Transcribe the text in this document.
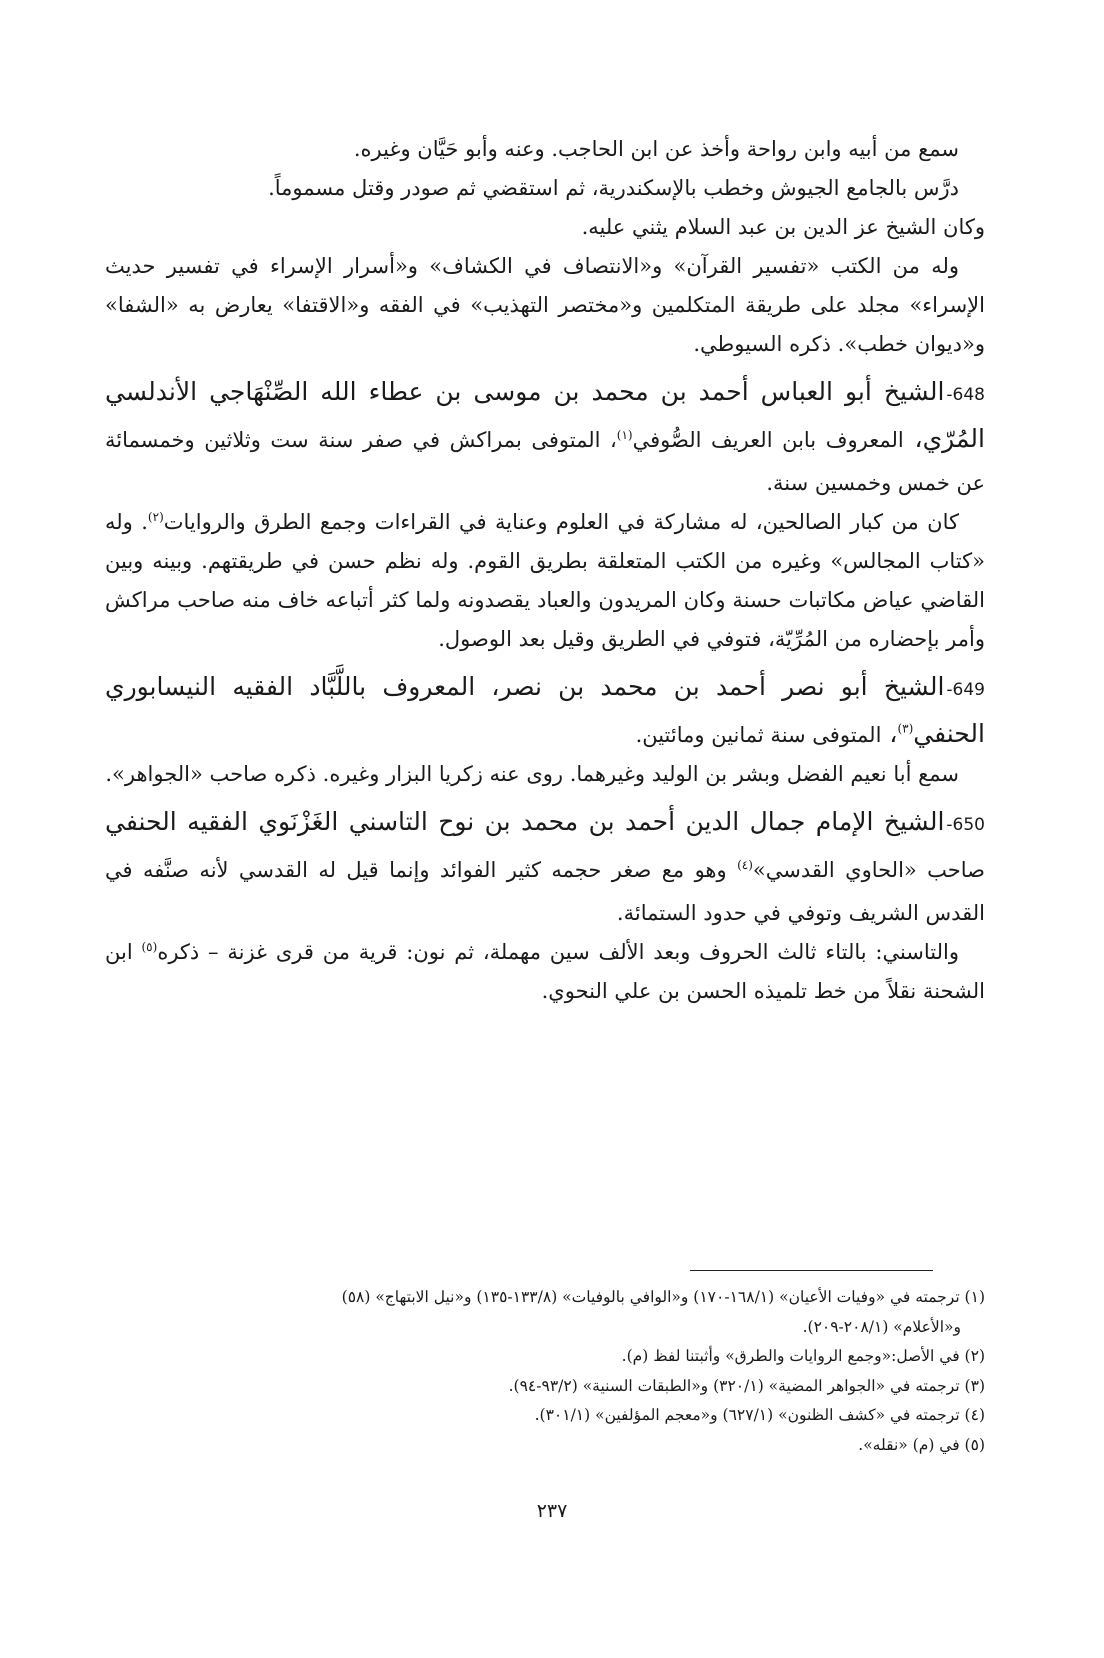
سمع من أبيه وابن رواحة وأخذ عن ابن الحاجب. وعنه وأبو حَيَّان وغيره.

درَّس بالجامع الجيوش وخطب بالإسكندرية، ثم استقضي ثم صودر وقتل مسموماً.

وكان الشيخ عز الدين بن عبد السلام يثني عليه.

وله من الكتب «تفسير القرآن» و«الانتصاف في الكشاف» و«أسرار الإسراء في تفسير حديث الإسراء» مجلد على طريقة المتكلمين و«مختصر التهذيب» في الفقه و«الاقتفا» يعارض به «الشفا» و«ديوان خطب». ذكره السيوطي.

648-الشيخ أبو العباس أحمد بن محمد بن موسى بن عطاء الله الصِّنْهَاجي الأندلسي المُرّي، المعروف بابن العريف الصُّوفي$^{(١)}$، المتوفى بمراكش في صفر سنة ست وثلاثين وخمسمائة عن خمس وخمسين سنة.

كان من كبار الصالحين، له مشاركة في العلوم وعناية في القراءات وجمع الطرق والروايات$^{(٢)}$. وله «كتاب المجالس» وغيره من الكتب المتعلقة بطريق القوم. وله نظم حسن في طريقتهم. وبينه وبين القاضي عياض مكاتبات حسنة وكان المريدون والعباد يقصدونه ولما كثر أتباعه خاف منه صاحب مراكش وأمر بإحضاره من المُرِّيّة، فتوفي في الطريق وقيل بعد الوصول.

649-الشيخ أبو نصر أحمد بن محمد بن نصر، المعروف باللَّبَّاد الفقيه النيسابوري الحنفي$^{(٣)}$، المتوفى سنة ثمانين ومائتين.

سمع أبا نعيم الفضل وبشر بن الوليد وغيرهما. روى عنه زكريا البزار وغيره. ذكره صاحب «الجواهر».

650-الشيخ الإمام جمال الدين أحمد بن محمد بن نوح التاسني الغَزْنَوي الفقيه الحنفي صاحب «الحاوي القدسي»$^{(٤)}$ وهو مع صغر حجمه كثير الفوائد وإنما قيل له القدسي لأنه صنَّفه في القدس الشريف وتوفي في حدود الستمائة.

والتاسني: بالتاء ثالث الحروف وبعد الألف سين مهملة، ثم نون: قرية من قرى غزنة – ذكره$^{(٥)}$ ابن الشحنة نقلاً من خط تلميذه الحسن بن علي النحوي.

(١) ترجمته في «وفيات الأعيان» (١٦٨/١-١٧٠) و«الوافي بالوفيات» (١٣٣/٨-١٣٥) و«نيل الابتهاج» (٥٨)
و«الأعلام» (٢٠٨/١-٢٠٩).

(٢) في الأصل:«وجمع الروايات والطرق» وأثبتنا لفظ (م).

(٣) ترجمته في «الجواهر المضية» (٣٢٠/١) و«الطبقات السنية» (٩٣/٢-٩٤).

(٤) ترجمته في «كشف الظنون» (٦٢٧/١) و«معجم المؤلفين» (٣٠١/١).

(٥) في (م) «نقله».

٢٣٧
